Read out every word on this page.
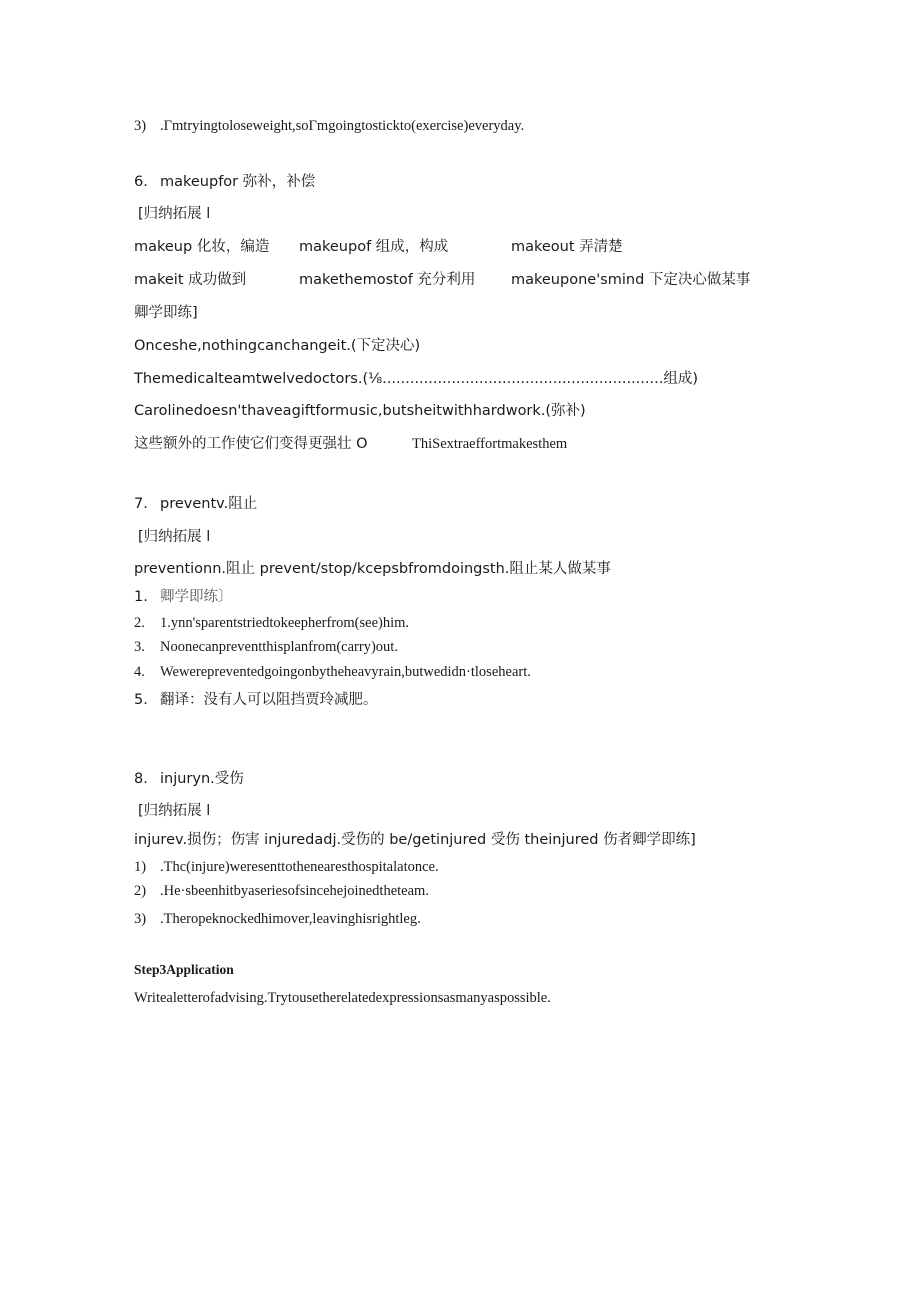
3) .Γmtryingtoloseweight,soΓmgoingtostickto(exercise)everyday.
6. makeupfor 弥补，补偿
[归纳拓展 l
makeup 化妆，编造 makeupof 组成，构成	makeout 弄清楚
makeit 成功做到	makethemostof 充分利用 makeupone'smind 下定决心做某事
卿学即练]
Onceshe,nothingcanchangeit.(下定决心)
Themedicalteamtwelvedoctors.(⅛.............................................................组成)
Carolinedoesn'thaveagiftformusic,butsheitwithhardwork.(弥补)
这些额外的工作使它们变得更强壮 O	ThiSextraeffortmakesthem
7. preventv.阻止
[归纳拓展 l
preventionn.阻止 prevent/stop/kcepsbfromdoingsth.阻止某人做某事
1. 卿学即练〕
2. 1.ynn'sparentstriedtokeepherfrom(see)him.
3. Noonecanpreventthisplanfrom(carry)out.
4. Wewerepreventedgoingonbytheheavyrain,butwedidn·tloseheart.
5. 翻译：没有人可以阻挡贾玲减肥。
8. injuryn.受伤
[归纳拓展 l
injurev.损伤；伤害 injuredadj.受伤的 be/getinjured 受伤 theinjured 伤者卿学即练]
1) .Thc(injure)weresenttothenearesthospitalatonce.
2) .He·sbeenhitbyaseriesofsincehejoinedtheteam.
3) .Theropeknockedhimover,leavinghisrightleg.
Step3Application
Writealetterofadvising.Trytousetherelatedexpressionsasmanyaspossible.
